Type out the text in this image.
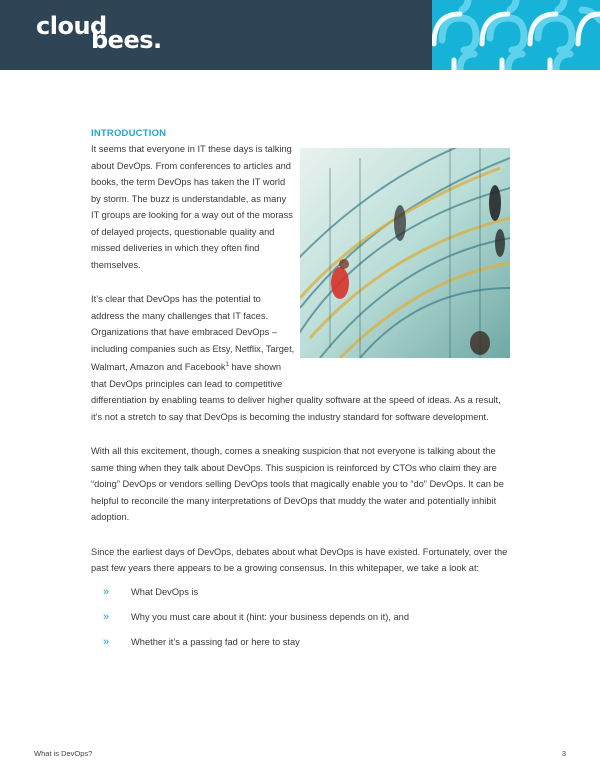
cloud
bees.
INTRODUCTION

It seems that everyone in IT these days is talking about DevOps. From conferences to articles and books, the term DevOps has taken the IT world by storm. The buzz is understandable, as many IT groups are looking for a way out of the morass of delayed projects, questionable quality and missed deliveries in which they often find themselves.

It’s clear that DevOps has the potential to address the many challenges that IT faces. Organizations that have embraced DevOps – including companies such as Etsy, Netflix, Target, Walmart, Amazon and Facebook$^1$ have shown that DevOps principles can lead to competitive differentiation by enabling teams to deliver higher quality software at the speed of ideas. As a result, it’s not a stretch to say that DevOps is becoming the industry standard for software development.

With all this excitement, though, comes a sneaking suspicion that not everyone is talking about the same thing when they talk about DevOps. This suspicion is reinforced by CTOs who claim they are “doing” DevOps or vendors selling DevOps tools that magically enable you to “do” DevOps. It can be helpful to reconcile the many interpretations of DevOps that muddy the water and potentially inhibit adoption.

Since the earliest days of DevOps, debates about what DevOps is have existed. Fortunately, over the past few years there appears to be a growing consensus. In this whitepaper, we take a look at:

»	What DevOps is
»	Why you must care about it (hint: your business depends on it), and
»	Whether it’s a passing fad or here to stay
What is DevOps?	3
